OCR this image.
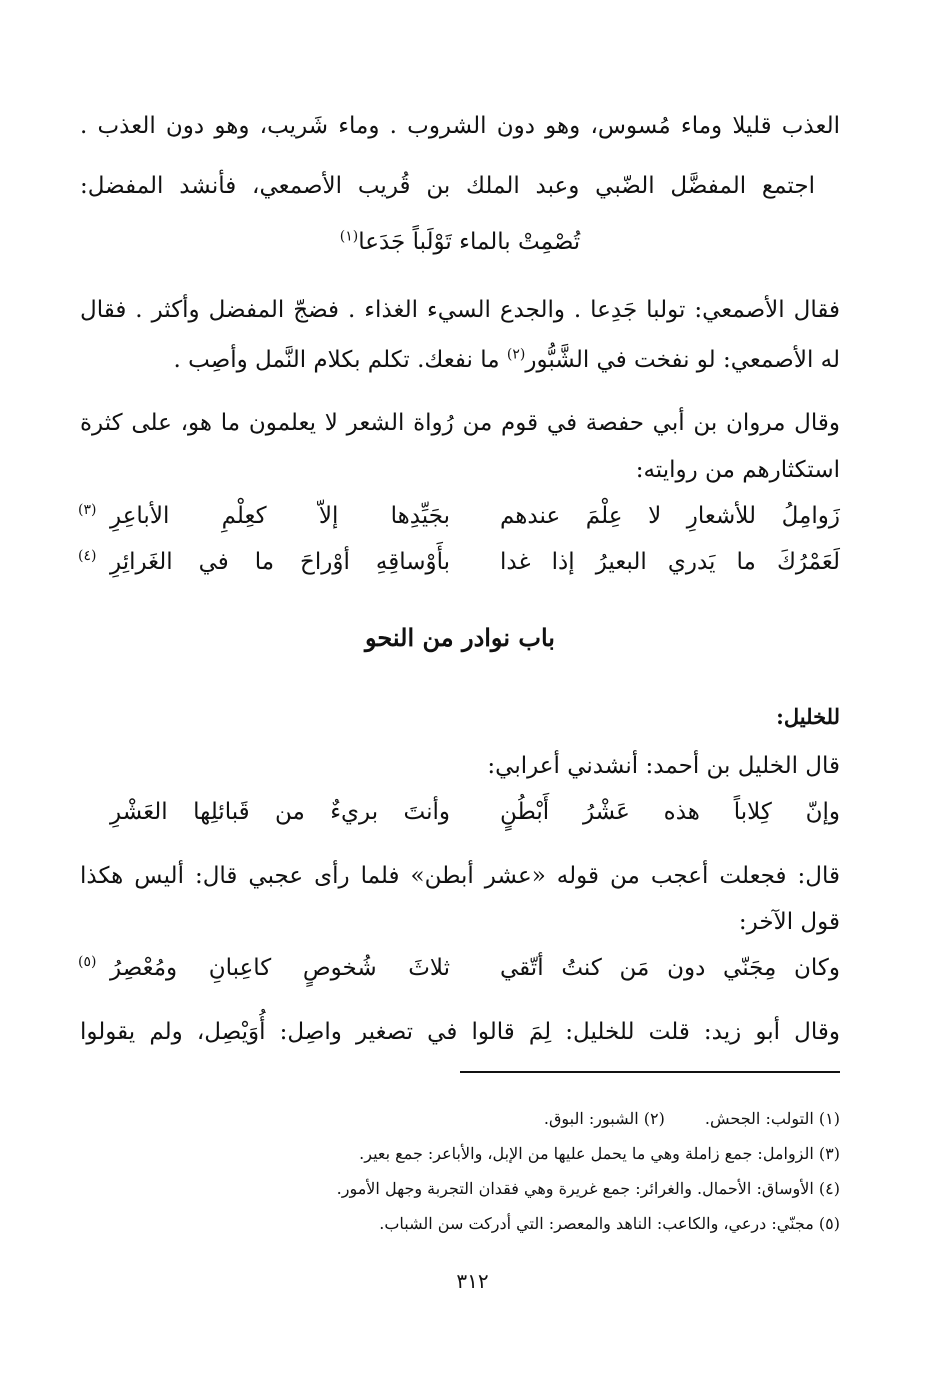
العذب قليلا وماء مُسوس، وهو دون الشروب . وماء شَريب، وهو دون العذب .
اجتمع المفضَّل الضّبي وعبد الملك بن قُريب الأصمعي، فأنشد المفضل:
تُصْمِتْ بالماء تَوْلَباً جَدَعا$^{(١)}$
فقال الأصمعي: تولبا جَدِعا . والجدع السيء الغذاء . فضجّ المفضل وأكثر . فقال
له الأصمعي: لو نفخت في الشَّبُّور$^{(٢)}$ ما نفعك. تكلم بكلام النَّمل وأصِب .
وقال مروان بن أبي حفصة في قوم من رُواة الشعر لا يعلمون ما هو، على كثرة
استكثارهم من روايته:
زَوامِلُ للأشعارِ لا عِلْمَ عندهم
بجَيِّدِها إلاّ كعِلْمِ الأباعِرِ
(٣)
لَعَمْرُكَ ما يَدري البعيرُ إذا غدا
بأَوْساقِهِ أوْراحَ ما في الغَرائِرِ
(٤)
باب نوادر من النحو
للخليل:
قال الخليل بن أحمد: أنشدني أعرابي:
وإنّ كِلاباً هذه عَشْرُ أَبْطُنٍ
وأنتَ بريءٌ من قَبائلِها العَشْرِ
قال: فجعلت أعجب من قوله «عشر أبطن» فلما رأى عجبي قال: أليس هكذا
قول الآخر:
وكان مِجَنّي دون مَن كنتُ أتّقي
ثلاثَ شُخوصٍ كاعِبانِ ومُعْصِرُ
(٥)
وقال أبو زيد: قلت للخليل: لِمَ قالوا في تصغير واصِل: أُوَيْصِل، ولم يقولوا
(١) التولب: الجحش.(٢) الشبور: البوق.
(٣) الزوامل: جمع زاملة وهي ما يحمل عليها من الإبل، والأباعر: جمع بعير.
(٤) الأوساق: الأحمال. والغرائر: جمع غريرة وهي فقدان التجربة وجهل الأمور.
(٥) مجنّي: درعي، والكاعب: الناهد والمعصر: التي أدركت سن الشباب.
٣١٢
